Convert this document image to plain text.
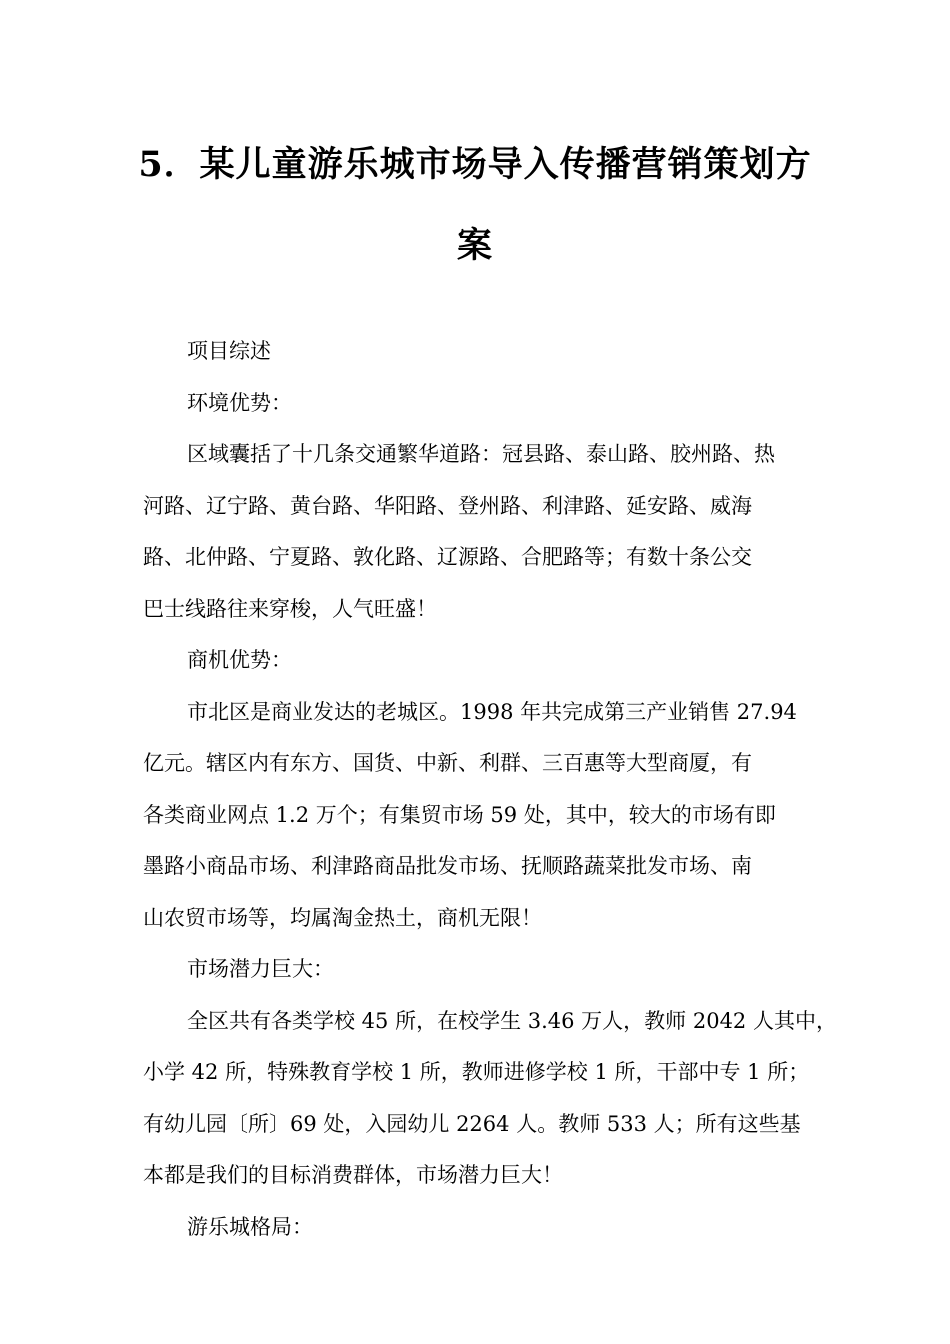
5．某儿童游乐城市场导入传播营销策划方
案
项目综述
环境优势：
区域囊括了十几条交通繁华道路：冠县路、泰山路、胶州路、热
河路、辽宁路、黄台路、华阳路、登州路、利津路、延安路、威海
路、北仲路、宁夏路、敦化路、辽源路、合肥路等；有数十条公交
巴士线路往来穿梭，人气旺盛！
商机优势：
市北区是商业发达的老城区。1998 年共完成第三产业销售 27.94
亿元。辖区内有东方、国货、中新、利群、三百惠等大型商厦，有
各类商业网点 1.2 万个；有集贸市场 59 处，其中，较大的市场有即
墨路小商品市场、利津路商品批发市场、抚顺路蔬菜批发市场、南
山农贸市场等，均属淘金热土，商机无限！
市场潜力巨大：
全区共有各类学校 45 所，在校学生 3.46 万人，教师 2042 人其中，
小学 42 所，特殊教育学校 1 所，教师进修学校 1 所，干部中专 1 所；
有幼儿园〔所〕69 处，入园幼儿 2264 人。教师 533 人；所有这些基
本都是我们的目标消费群体，市场潜力巨大！
游乐城格局：
